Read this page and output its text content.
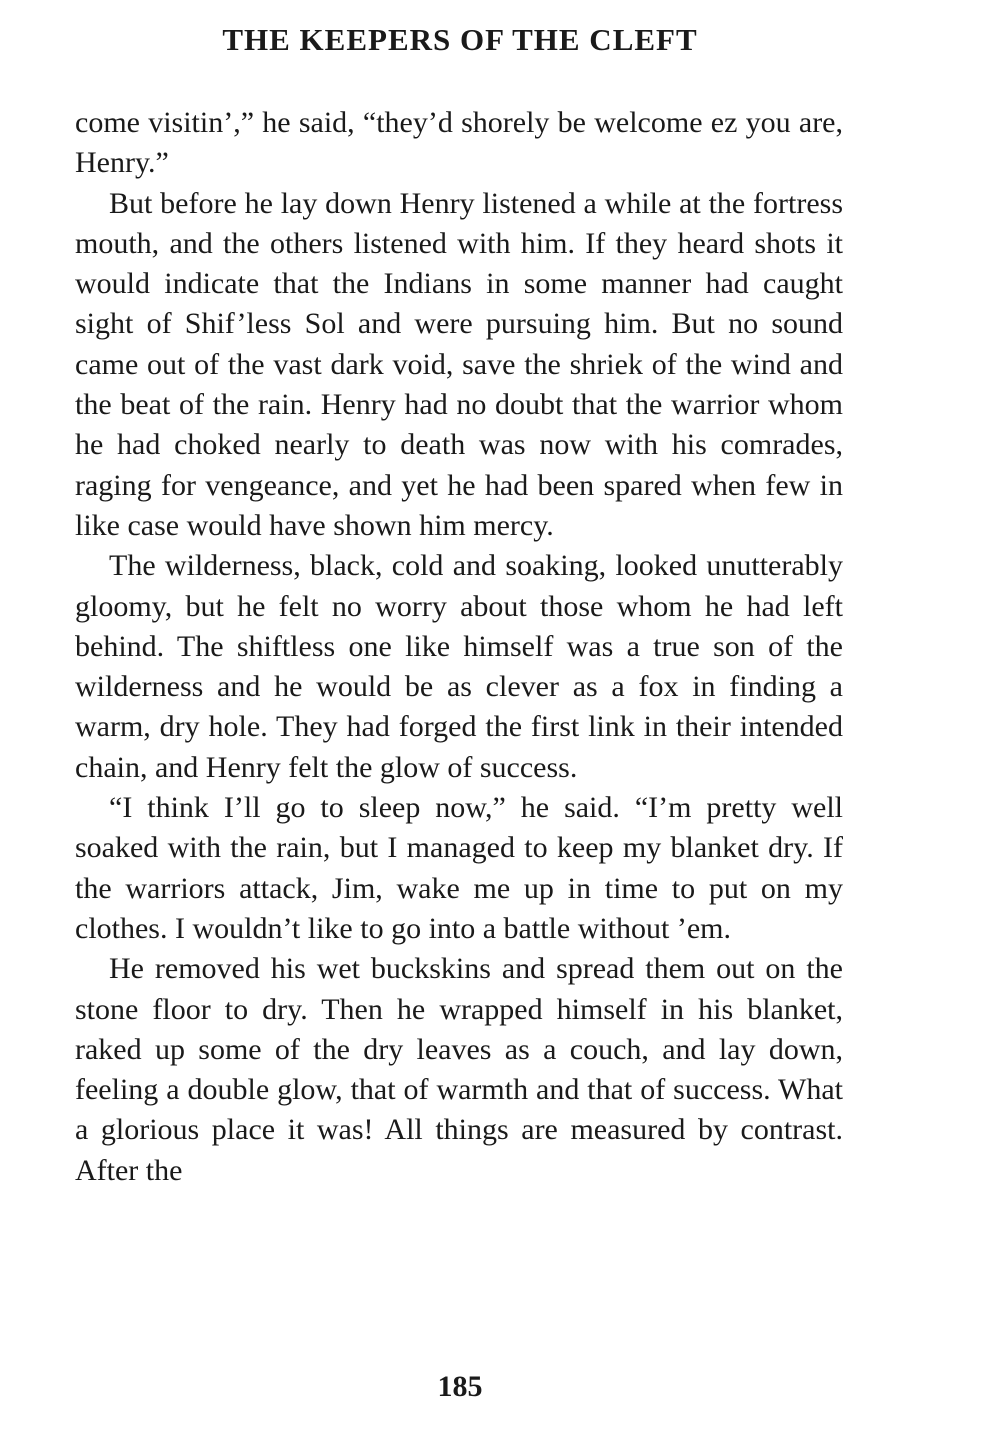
THE KEEPERS OF THE CLEFT

come visitin’,” he said, “they’d shorely be welcome ez you are, Henry.”

But before he lay down Henry listened a while at the fortress mouth, and the others listened with him. If they heard shots it would indicate that the Indians in some manner had caught sight of Shif’less Sol and were pursuing him. But no sound came out of the vast dark void, save the shriek of the wind and the beat of the rain. Henry had no doubt that the warrior whom he had choked nearly to death was now with his comrades, raging for vengeance, and yet he had been spared when few in like case would have shown him mercy.

The wilderness, black, cold and soaking, looked unutterably gloomy, but he felt no worry about those whom he had left behind. The shiftless one like himself was a true son of the wilderness and he would be as clever as a fox in finding a warm, dry hole. They had forged the first link in their intended chain, and Henry felt the glow of success.

“I think I’ll go to sleep now,” he said. “I’m pretty well soaked with the rain, but I managed to keep my blanket dry. If the warriors attack, Jim, wake me up in time to put on my clothes. I wouldn’t like to go into a battle without ’em.

He removed his wet buckskins and spread them out on the stone floor to dry. Then he wrapped himself in his blanket, raked up some of the dry leaves as a couch, and lay down, feeling a double glow, that of warmth and that of success. What a glorious place it was! All things are measured by contrast. After the

185
